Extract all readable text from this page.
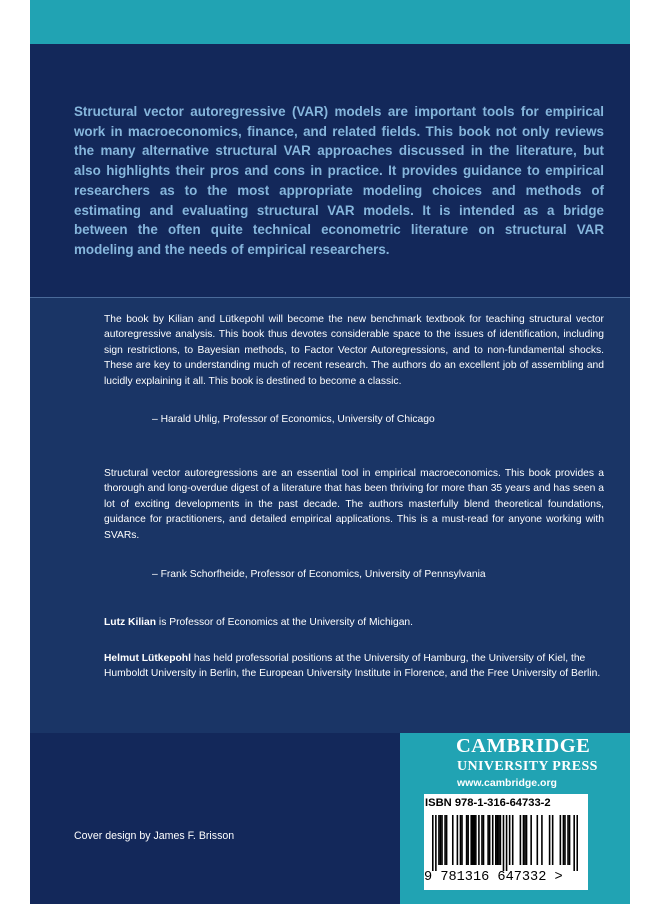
CAMBRIDGE

UNIVERSITY PRESS

www.cambridge.org

Structural vector autoregressive (VAR) models are important tools for empirical work in macroeconomics, finance, and related fields. This book not only reviews the many alternative structural VAR approaches discussed in the literature, but also highlights their pros and cons in practice. It provides guidance to empirical researchers as to the most appropriate modeling choices and methods of estimating and evaluating structural VAR models. It is intended as a bridge between the often quite technical econometric literature on structural VAR modeling and the needs of empirical researchers.

The book by Kilian and Lütkepohl will become the new benchmark textbook for teaching structural vector autoregressive analysis. This book thus devotes considerable space to the issues of identification, including sign restrictions, to Bayesian methods, to Factor Vector Autoregressions, and to non-fundamental shocks. These are key to understanding much of recent research. The authors do an excellent job of assembling and lucidly explaining it all. This book is destined to become a classic.

– Harald Uhlig, Professor of Economics, University of Chicago

Structural vector autoregressions are an essential tool in empirical macroeconomics. This book provides a thorough and long-overdue digest of a literature that has been thriving for more than 35 years and has seen a lot of exciting developments in the past decade. The authors masterfully blend theoretical foundations, guidance for practitioners, and detailed empirical applications. This is a must-read for anyone working with SVARs.

– Frank Schorfheide, Professor of Economics, University of Pennsylvania

Lutz Kilian is Professor of Economics at the University of Michigan.

Helmut Lütkepohl has held professorial positions at the University of Hamburg, the University of Kiel, the Humboldt University in Berlin, the European University Institute in Florence, and the Free University of Berlin.

Cover design by James F. Brisson

ISBN 978-1-316-64733-2

9 781316 647332 >
